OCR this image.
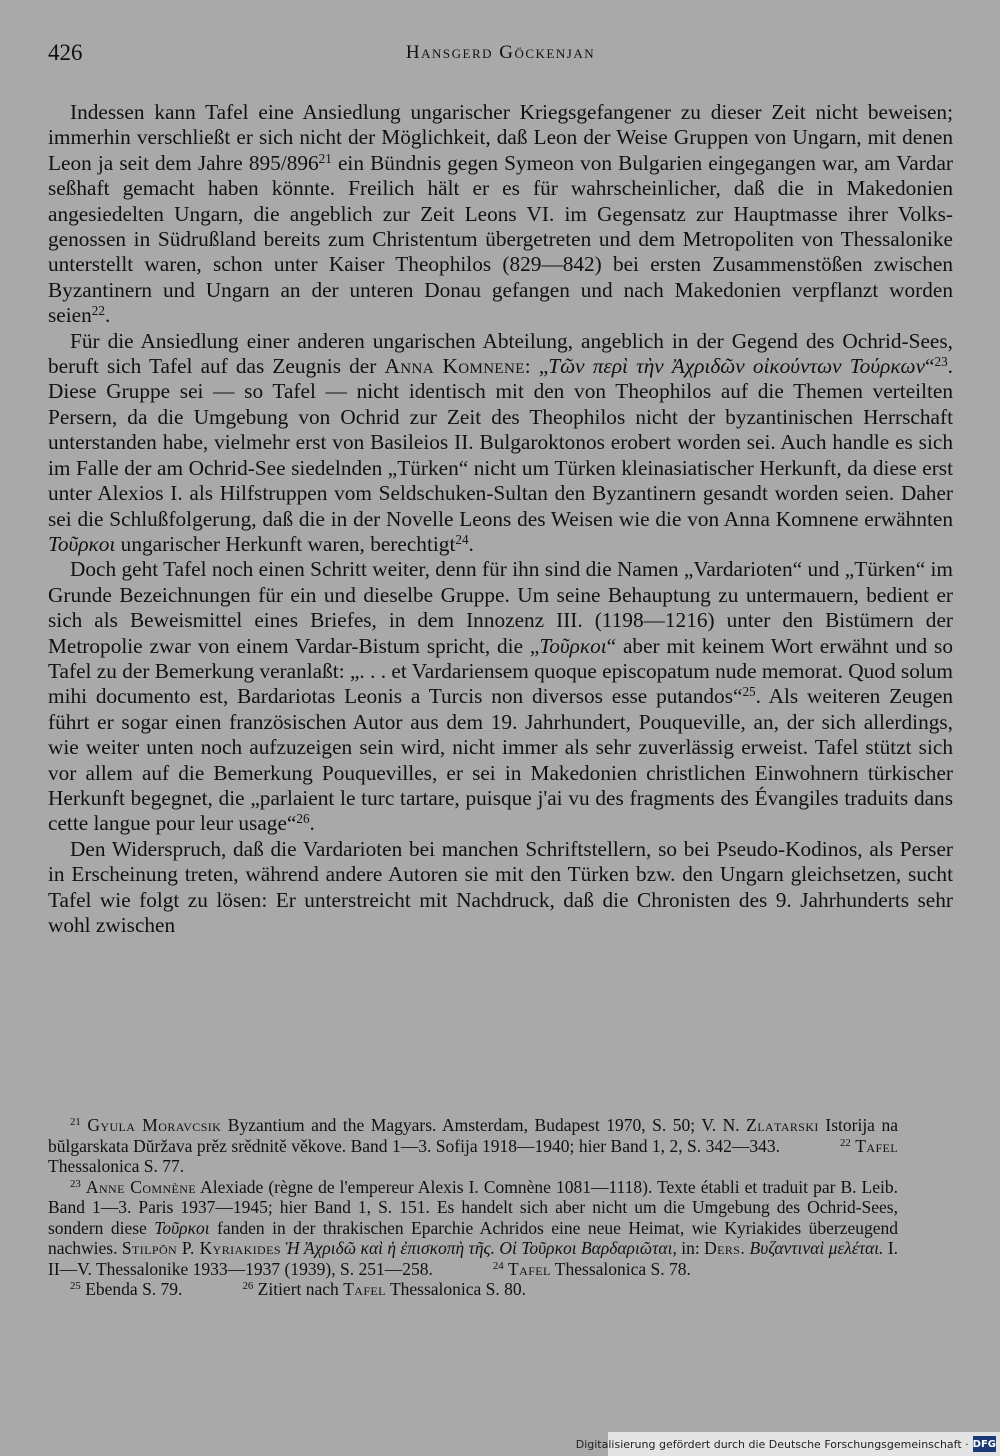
426	Hansgerd Göckenjan

Indessen kann Tafel eine Ansiedlung ungarischer Kriegsgefangener zu dieser Zeit nicht beweisen; immerhin verschließt er sich nicht der Möglichkeit, daß Leon der Weise Gruppen von Ungarn, mit denen Leon ja seit dem Jahre $895/896^{21}$ ein Bündnis gegen Symeon von Bulgarien eingegangen war, am Vardar seßhaft gemacht haben könnte. Freilich hält er es für wahrscheinlicher, daß die in Makedonien angesiedelten Ungarn, die angeblich zur Zeit Leons VI. im Gegensatz zur Hauptmasse ihrer Volksgenossen in Südrußland bereits zum Christentum übergetreten und dem Metropoliten von Thessalonike unterstellt waren, schon unter Kaiser Theophilos (829—842) bei ersten Zusammenstößen zwischen Byzantinern und Ungarn an der unteren Donau gefangen und nach Makedonien verpflanzt worden seien$^{22}$.

Für die Ansiedlung einer anderen ungarischen Abteilung, angeblich in der Gegend des Ochrid-Sees, beruft sich Tafel auf das Zeugnis der Anna Komnene: „Τῶν περὶ τὴν Ἀχριδῶν οἰκούντων Τούρκων“$^{23}$. Diese Gruppe sei — so Tafel — nicht identisch mit den von Theophilos auf die Themen verteilten Persern, da die Umgebung von Ochrid zur Zeit des Theophilos nicht der byzantinischen Herrschaft unterstanden habe, vielmehr erst von Basileios II. Bulgaroktonos erobert worden sei. Auch handle es sich im Falle der am Ochrid-See siedelnden „Türken“ nicht um Türken kleinasiatischer Herkunft, da diese erst unter Alexios I. als Hilfstruppen vom Seldschuken-Sultan den Byzantinern gesandt worden seien. Daher sei die Schlußfolgerung, daß die in der Novelle Leons des Weisen wie die von Anna Komnene erwähnten Τοῦρκοι ungarischer Herkunft waren, berechtigt$^{24}$.

Doch geht Tafel noch einen Schritt weiter, denn für ihn sind die Namen „Vardarioten“ und „Türken“ im Grunde Bezeichnungen für ein und dieselbe Gruppe. Um seine Behauptung zu untermauern, bedient er sich als Beweismittel eines Briefes, in dem Innozenz III. (1198—1216) unter den Bistümern der Metropolie zwar von einem Vardar-Bistum spricht, die „Τοῦρκοι“ aber mit keinem Wort erwähnt und so Tafel zu der Bemerkung veranlaßt: „. . . et Vardariensem quoque episcopatum nude memorat. Quod solum mihi documento est, Bardariotas Leonis a Turcis non diversos esse putandos“$^{25}$. Als weiteren Zeugen führt er sogar einen französischen Autor aus dem 19. Jahrhundert, Pouqueville, an, der sich allerdings, wie weiter unten noch aufzuzeigen sein wird, nicht immer als sehr zuverlässig erweist. Tafel stützt sich vor allem auf die Bemerkung Pouquevilles, er sei in Makedonien christlichen Einwohnern türkischer Herkunft begegnet, die „parlaient le turc tartare, puisque j'ai vu des fragments des Évangiles traduits dans cette langue pour leur usage“$^{26}$.

Den Widerspruch, daß die Vardarioten bei manchen Schriftstellern, so bei Pseudo-Kodinos, als Perser in Erscheinung treten, während andere Autoren sie mit den Türken bzw. den Ungarn gleichsetzen, sucht Tafel wie folgt zu lösen: Er unterstreicht mit Nachdruck, daß die Chronisten des 9. Jahrhunderts sehr wohl zwischen

$^{21}$ Gyula Moravcsik Byzantium and the Magyars. Amsterdam, Budapest 1970, S. 50; V. N. Zlatarski Istorija na bŭlgarskata Dŭržava prěz srědnitě věkove. Band 1—3. Sofija 1918—1940; hier Band 1, 2, S. 342—343.	$^{22}$ Tafel Thessalonica S. 77.

$^{23}$ Anne Comnène Alexiade (règne de l'empereur Alexis I. Comnène 1081—1118). Texte établi et traduit par B. Leib. Band 1—3. Paris 1937—1945; hier Band 1, S. 151. Es handelt sich aber nicht um die Umgebung des Ochrid-Sees, sondern diese Τοῦρκοι fanden in der thrakischen Eparchie Achridos eine neue Heimat, wie Kyriakides überzeugend nachwies. Stilpōn P. Kyriakides Ἡ Ἀχριδῶ καὶ ἡ ἐπισκοπὴ τῆς. Οἱ Τοῦρκοι Βαρδαριῶται, in: Ders. Βυζαντιναὶ μελέται. I. II—V. Thessalonike 1933—1937 (1939), S. 251—258.	$^{24}$ Tafel Thessalonica S. 78.

$^{25}$ Ebenda S. 79.	$^{26}$ Zitiert nach Tafel Thessalonica S. 80.

Digitalisierung gefördert durch die Deutsche Forschungsgemeinschaft · DFG
